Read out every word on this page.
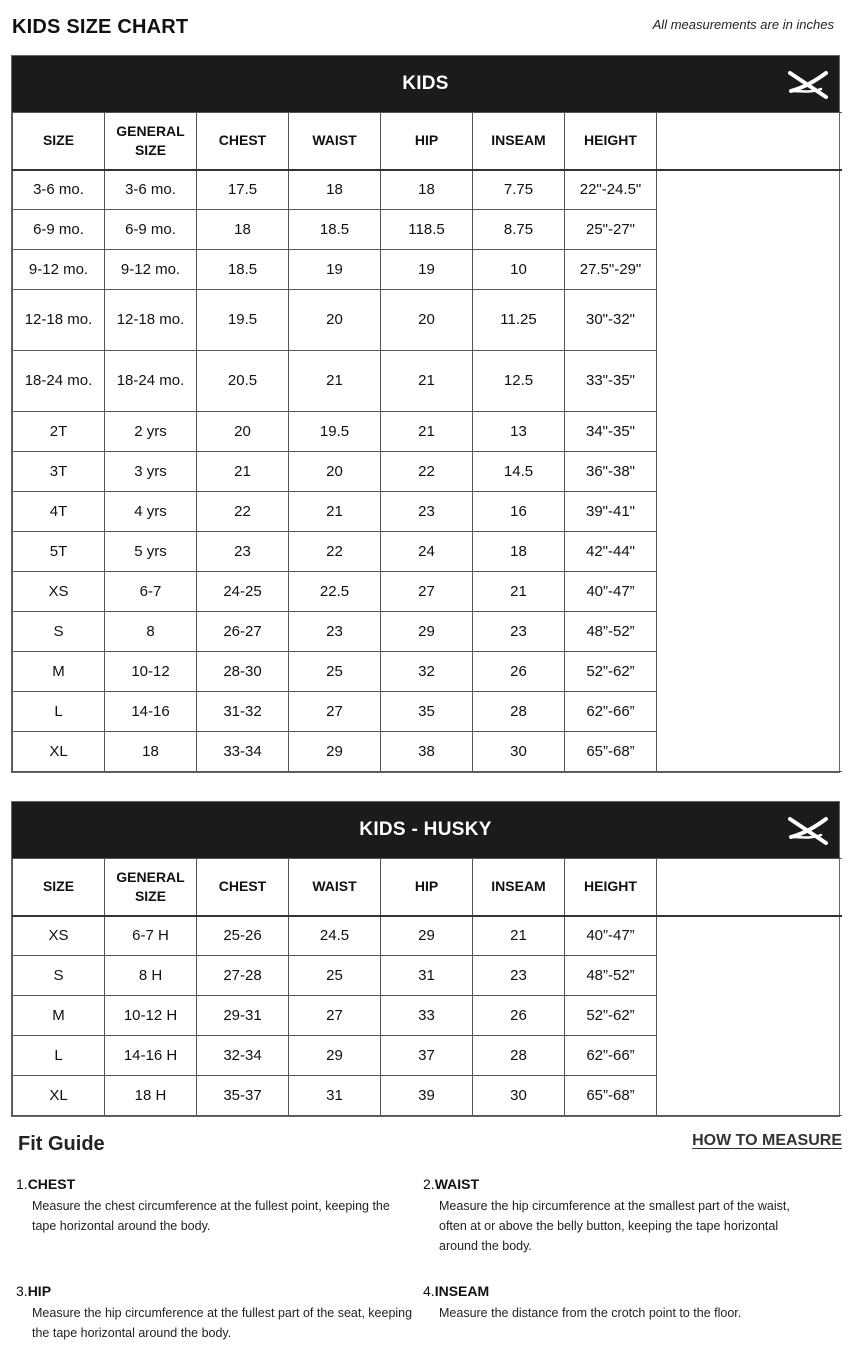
KIDS SIZE CHART	All measurements are in inches
KIDS
SIZE	GENERAL SIZE	CHEST	WAIST	HIP	INSEAM	HEIGHT	
3-6 mo.	3-6 mo.	17.5	18	18	7.75	22"-24.5"	
6-9 mo.	6-9 mo.	18	18.5	118.5	8.75	25"-27"	
9-12 mo.	9-12 mo.	18.5	19	19	10	27.5"-29"	
12-18 mo.	12-18 mo.	19.5	20	20	11.25	30"-32"	
18-24 mo.	18-24 mo.	20.5	21	21	12.5	33"-35"	
2T	2 yrs	20	19.5	21	13	34"-35"	
3T	3 yrs	21	20	22	14.5	36"-38"	
4T	4 yrs	22	21	23	16	39"-41"	
5T	5 yrs	23	22	24	18	42"-44"	
XS	6-7	24-25	22.5	27	21	40”-47”	
S	8	26-27	23	29	23	48”-52”	
M	10-12	28-30	25	32	26	52”-62”	
L	14-16	31-32	27	35	28	62”-66”	
XL	18	33-34	29	38	30	65”-68”	
KIDS - HUSKY
SIZE	GENERAL SIZE	CHEST	WAIST	HIP	INSEAM	HEIGHT	
XS	6-7 H	25-26	24.5	29	21	40”-47”	
S	8 H	27-28	25	31	23	48”-52”	
M	10-12 H	29-31	27	33	26	52”-62”	
L	14-16 H	32-34	29	37	28	62”-66”	
XL	18 H	35-37	31	39	30	65”-68”	
Fit Guide	HOW TO MEASURE
1.CHEST
Measure the chest circumference at the fullest point, keeping the tape horizontal around the body.
2.WAIST
Measure the hip circumference at the smallest part of the waist, often at or above the belly button, keeping the tape horizontal around the body.
3.HIP
Measure the hip circumference at the fullest part of the seat, keeping the tape horizontal around the body.
4.INSEAM
Measure the distance from the crotch point to the floor.
